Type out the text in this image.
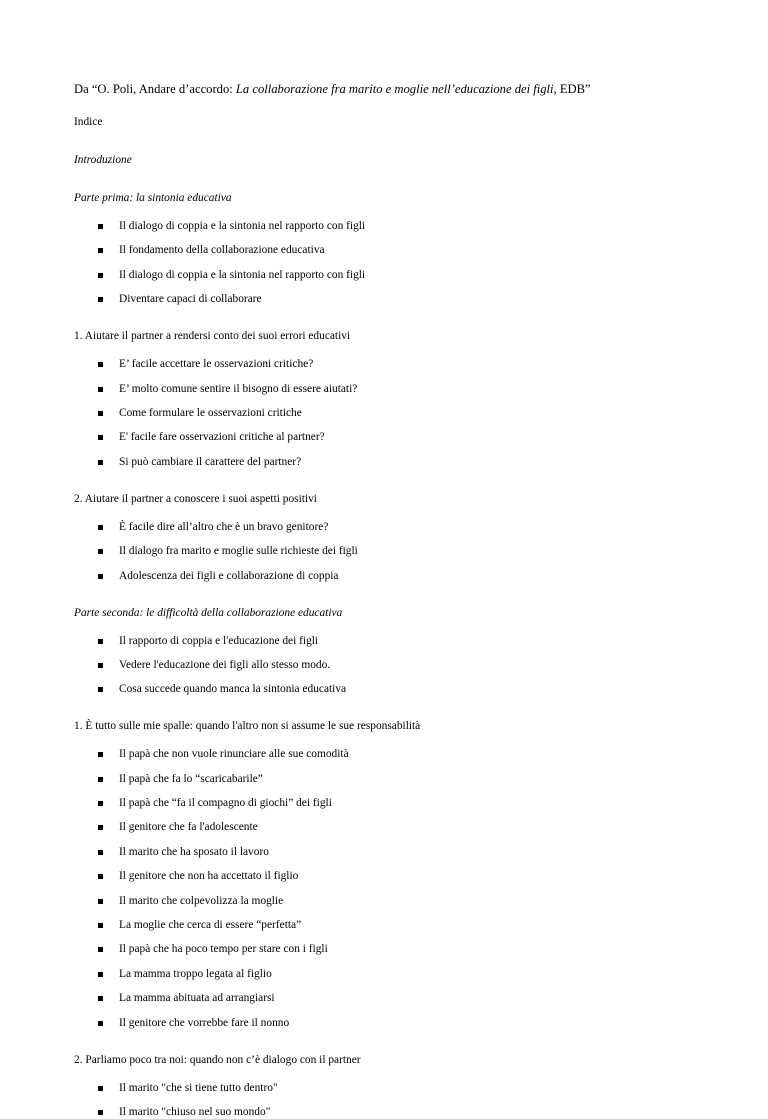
Da “O. Poli, Andare d’accordo: La collaborazione fra marito e moglie nell’educazione dei figli, EDB”
Indice
Introduzione
Parte prima: la sintonia educativa
Il dialogo di coppia e la sintonia nel rapporto con figli
Il fondamento della collaborazione educativa
Il dialogo di coppia e la sintonia nel rapporto con figli
Diventare capaci di collaborare
1. Aiutare il partner a rendersi conto dei suoi errori educativi
E’ facile accettare le osservazioni critiche?
E’ molto comune sentire il bisogno di essere aiutati?
Come formulare le osservazioni critiche
E' facile fare osservazioni critiche al partner?
Si può cambiare il carattere del partner?
2. Aiutare il partner a conoscere i suoi aspetti positivi
È facile dire all’altro che è un bravo genitore?
Il dialogo fra marito e moglie sulle richieste dei figli
Adolescenza dei figli e collaborazione di coppia
Parte seconda: le difficoltà della collaborazione educativa
Il rapporto di coppia e l'educazione dei figli
Vedere l'educazione dei figli allo stesso modo.
Cosa succede quando manca la sintonia educativa
1. È tutto sulle mie spalle: quando l'altro non si assume le sue responsabilità
Il papà che non vuole rinunciare alle sue comodità
Il papà che fa lo “scaricabarile”
Il papà che “fa il compagno di giochi” dei figli
Il genitore che fa l'adolescente
Il marito che ha sposato il lavoro
Il genitore che non ha accettato il figlio
Il marito che colpevolizza la moglie
La moglie che cerca di essere “perfetta”
Il papà che ha poco tempo per stare con i figli
La mamma troppo legata al figlio
La mamma abituata ad arrangiarsi
Il genitore che vorrebbe fare il nonno
2. Parliamo poco tra noi: quando non c’è dialogo con il partner
Il marito "che si tiene tutto dentro"
Il marito "chiuso nel suo mondo"
